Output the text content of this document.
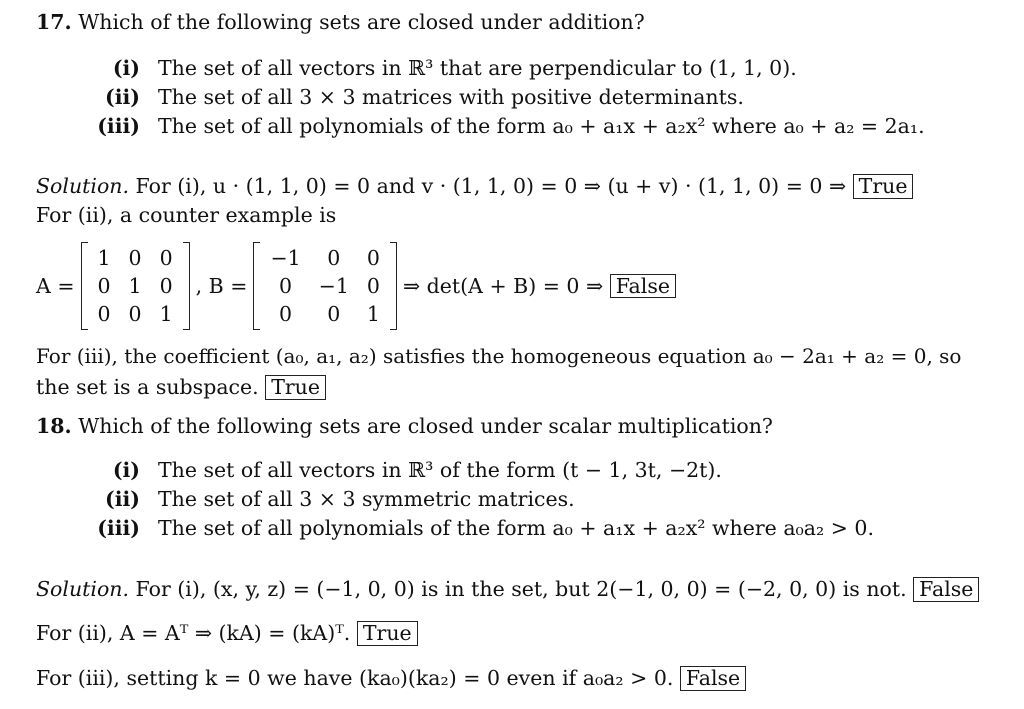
17. Which of the following sets are closed under addition?
(i) The set of all vectors in ℝ³ that are perpendicular to (1, 1, 0).
(ii) The set of all 3 × 3 matrices with positive determinants.
(iii) The set of all polynomials of the form a₀ + a₁x + a₂x² where a₀ + a₂ = 2a₁.
Solution. For (i), u · (1, 1, 0) = 0 and v · (1, 1, 0) = 0 ⇒ (u + v) · (1, 1, 0) = 0 ⇒ True
For (ii), a counter example is
A =
1	0	0
0	1	0
0	0	1
, B =
−1	0	0
0	−1	0
0	0	1
⇒ det(A + B) = 0 ⇒
False
For (iii), the coefficient (a₀, a₁, a₂) satisfies the homogeneous equation a₀ − 2a₁ + a₂ = 0, so
the set is a subspace. True
18. Which of the following sets are closed under scalar multiplication?
(i) The set of all vectors in ℝ³ of the form (t − 1, 3t, −2t).
(ii) The set of all 3 × 3 symmetric matrices.
(iii) The set of all polynomials of the form a₀ + a₁x + a₂x² where a₀a₂ > 0.
Solution. For (i), (x, y, z) = (−1, 0, 0) is in the set, but 2(−1, 0, 0) = (−2, 0, 0) is not. False
For (ii), A = Aᵀ ⇒ (kA) = (kA)ᵀ. True
For (iii), setting k = 0 we have (ka₀)(ka₂) = 0 even if a₀a₂ > 0. False
